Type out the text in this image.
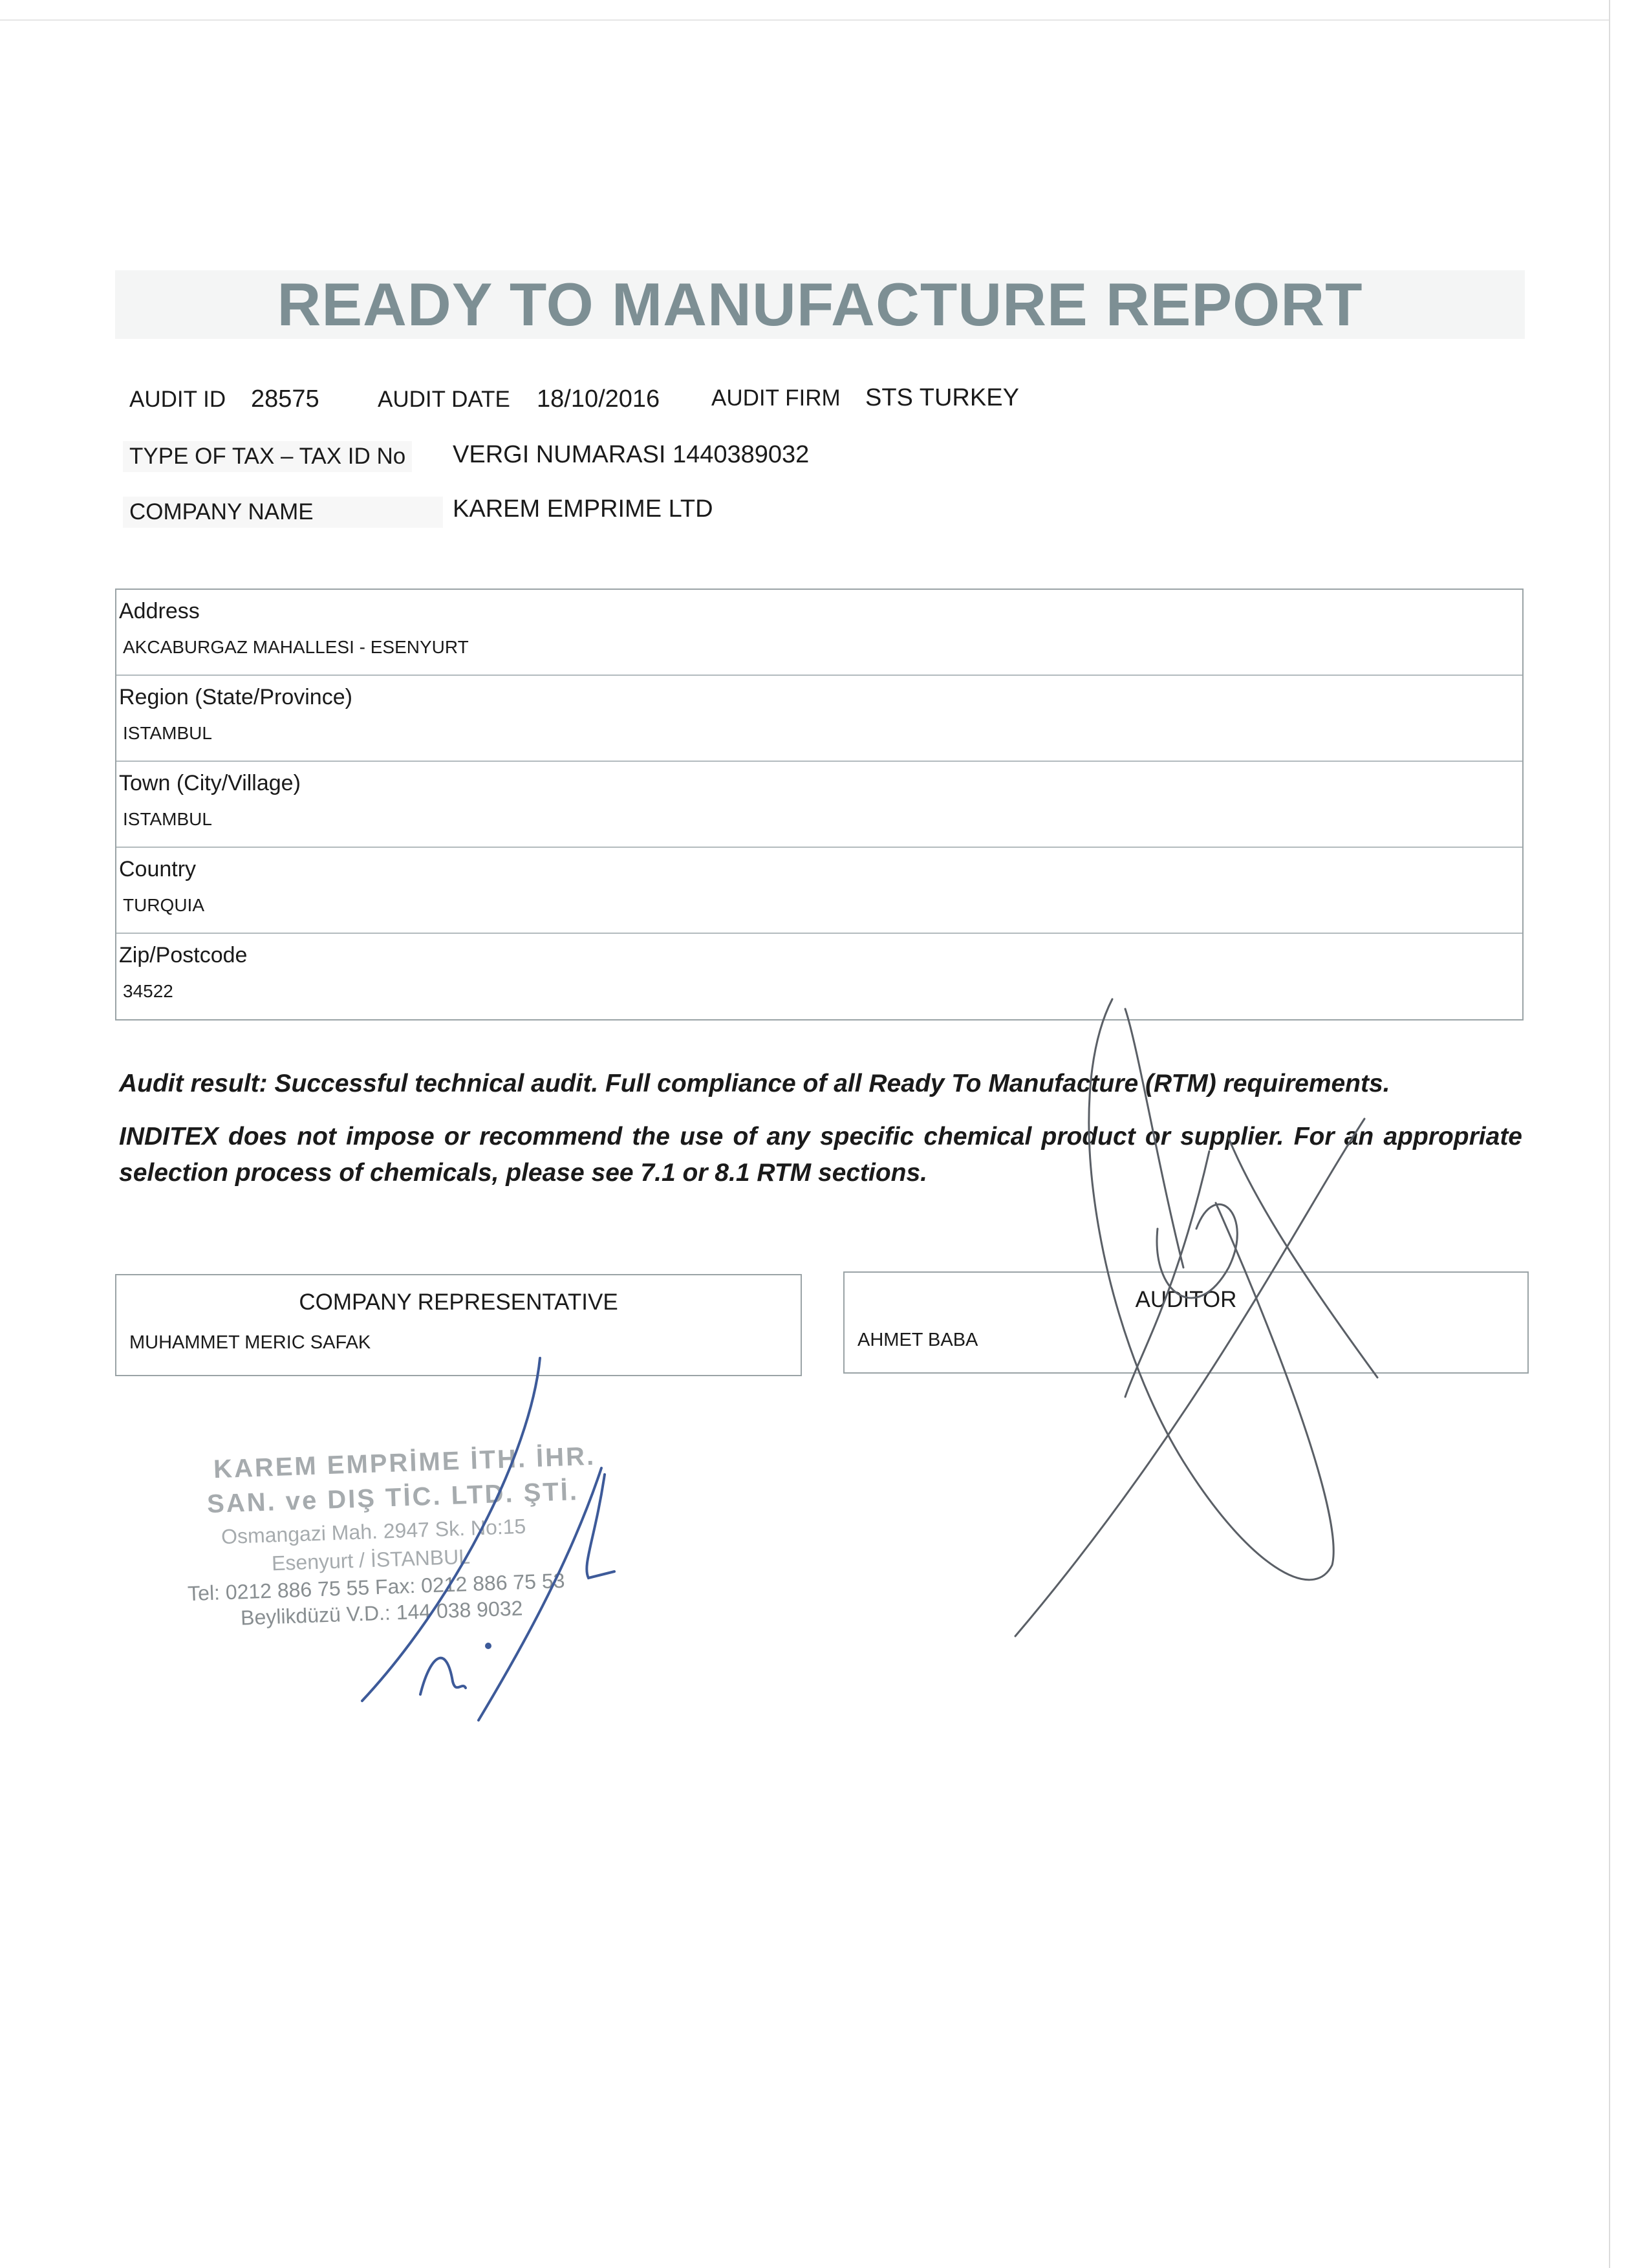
READY TO MANUFACTURE REPORT
AUDIT ID 28575	AUDIT DATE 18/10/2016 AUDIT FIRM STS TURKEY
TYPE OF TAX – TAX ID No VERGI NUMARASI 1440389032
COMPANY NAME	KAREM EMPRIME LTD
Address
AKCABURGAZ MAHALLESI - ESENYURT
Region (State/Province)
ISTAMBUL
Town (City/Village)
ISTAMBUL
Country
TURQUIA
Zip/Postcode
34522

Audit result: Successful technical audit. Full compliance of all Ready To Manufacture (RTM) requirements.

INDITEX does not impose or recommend the use of any specific chemical product or supplier. For an appropriate selection process of chemicals, please see 7.1 or 8.1 RTM sections.

COMPANY REPRESENTATIVE
MUHAMMET MERIC SAFAK
AUDITOR
AHMET BABA
KAREM EMPRİME İTH. İHR.
SAN. ve DIŞ TİC. LTD. ŞTİ.
Osmangazi Mah. 2947 Sk. No:15
Esenyurt / İSTANBUL
Tel: 0212 886 75 55 Fax: 0212 886 75 53
Beylikdüzü V.D.: 144 038 9032
